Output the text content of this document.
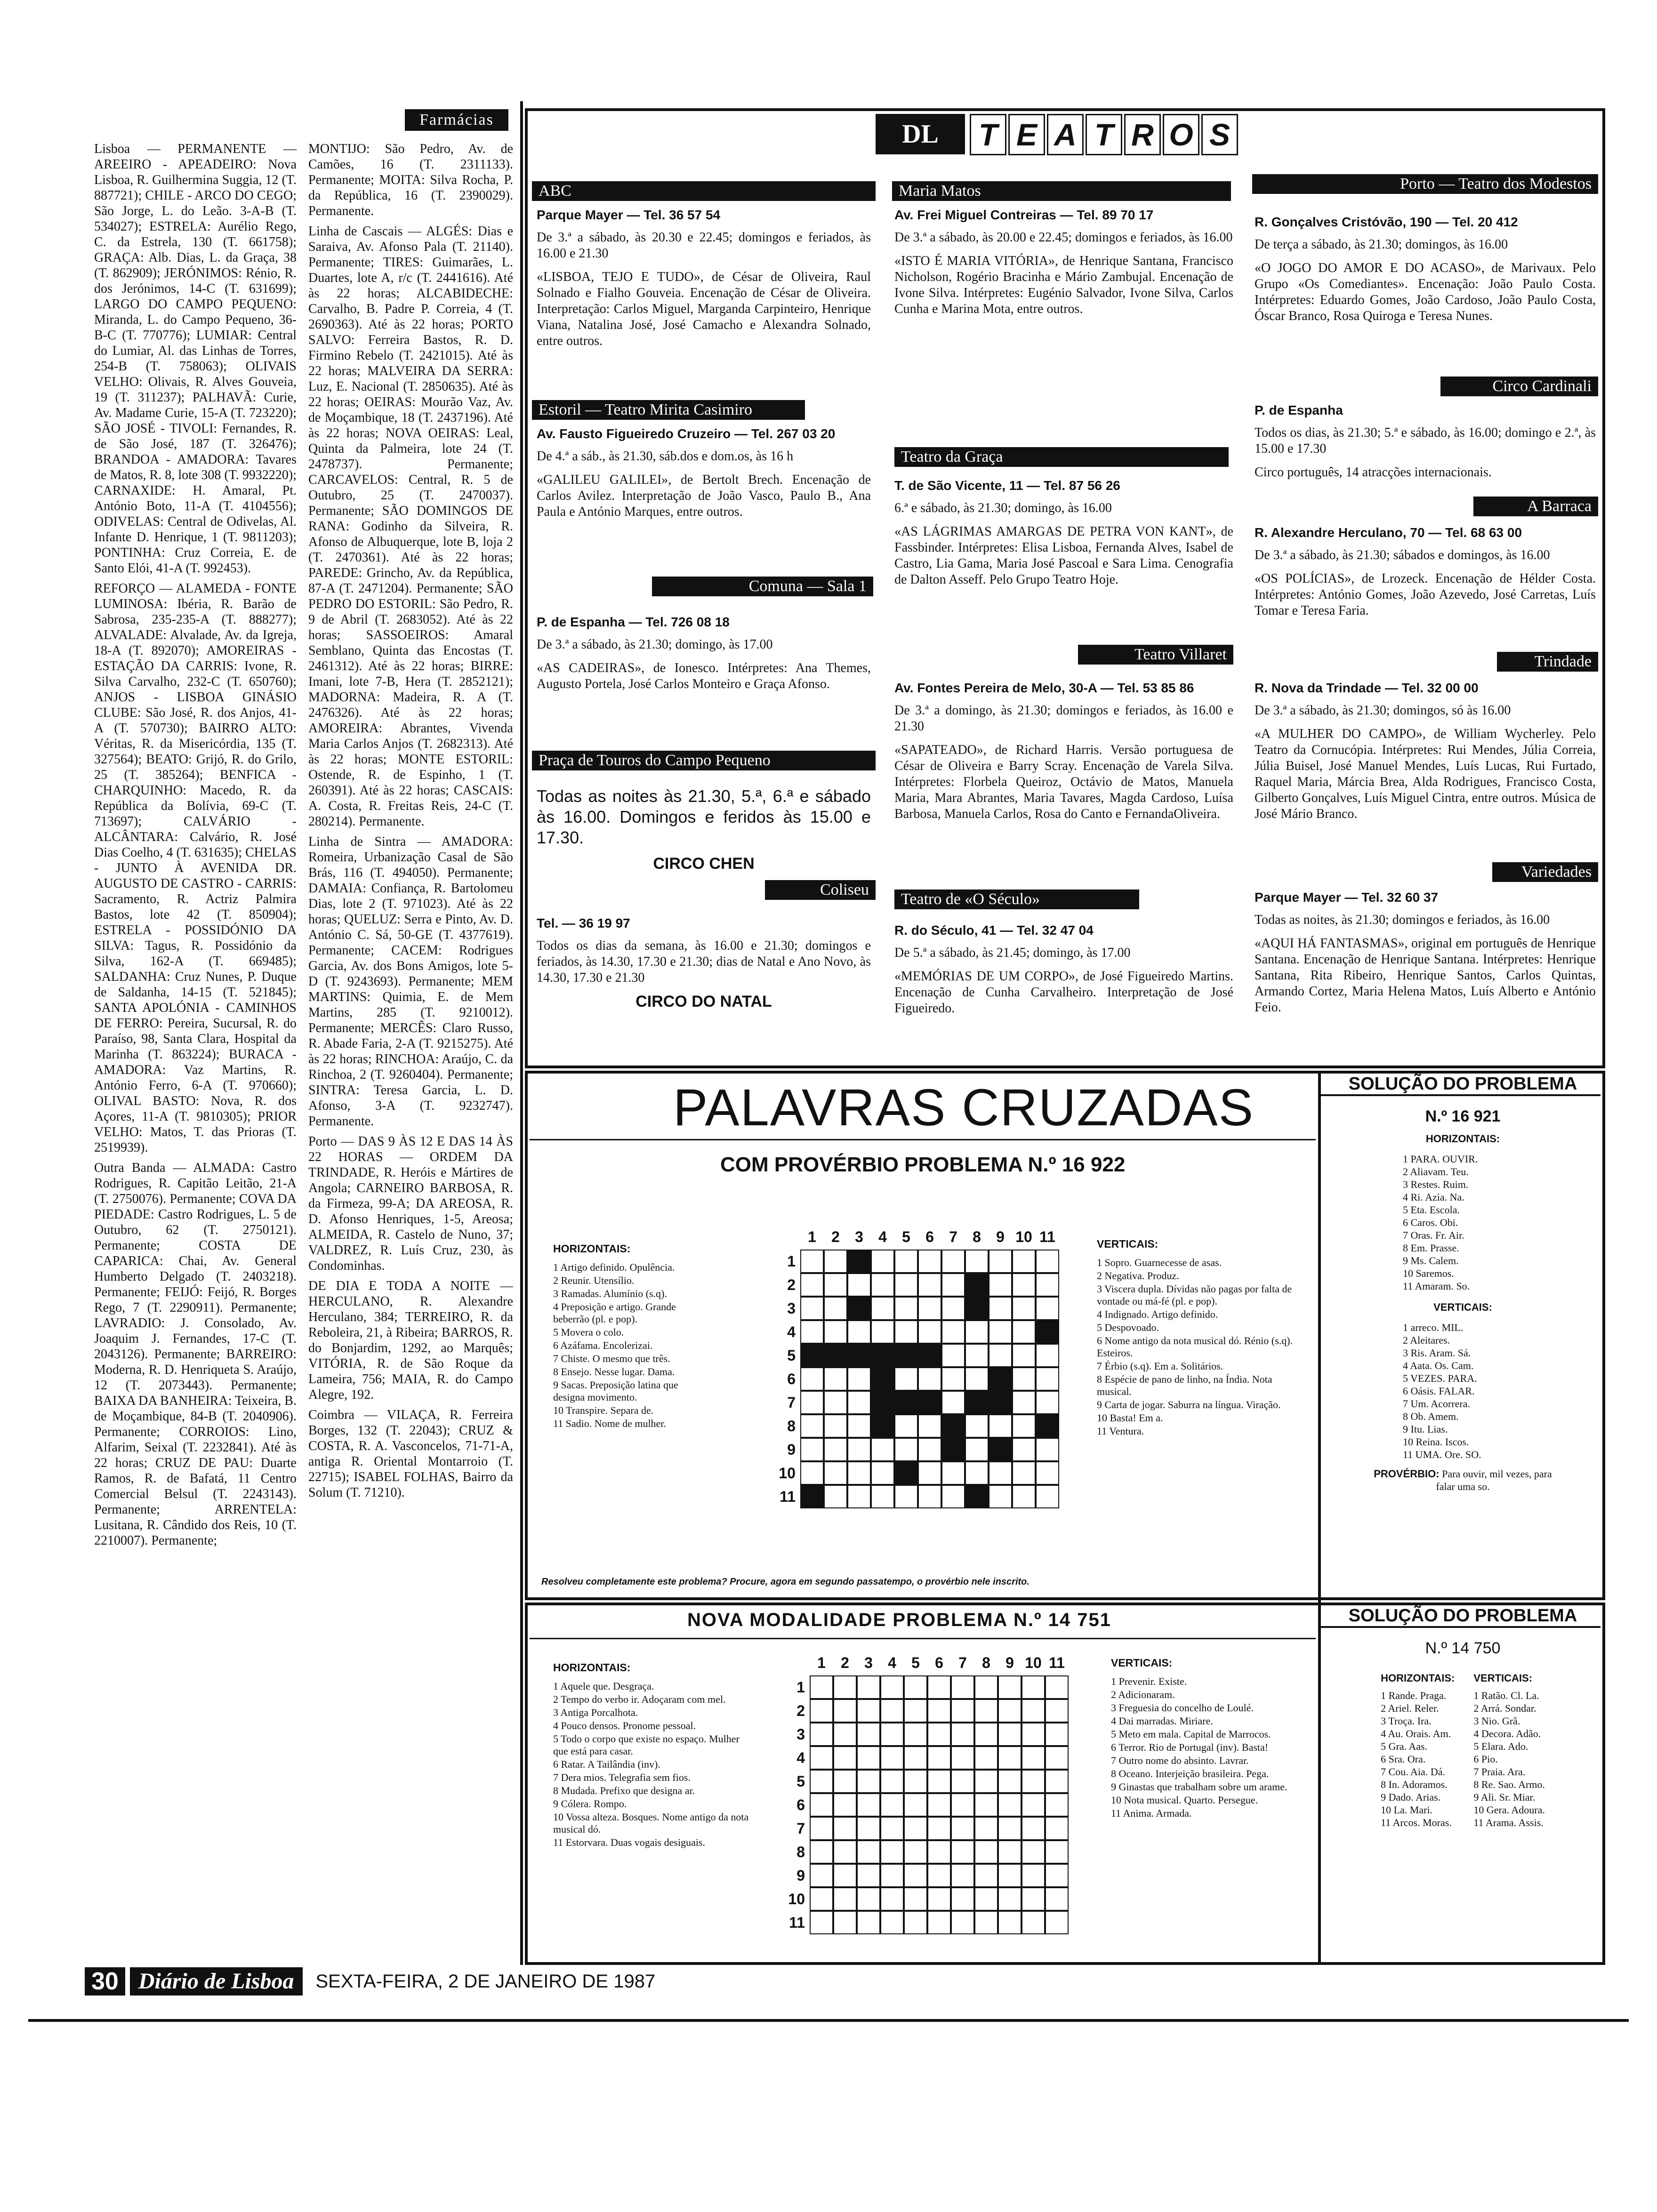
Farmácias

Lisboa — PERMANENTE — AREEIRO - APEADEIRO: Nova Lisboa, R. Guilhermina Suggia, 12 (T. 887721); CHILE - ARCO DO CEGO; São Jorge, L. do Leão. 3-A-B (T. 534027); ESTRELA: Aurélio Rego, C. da Estrela, 130 (T. 661758); GRAÇA: Alb. Dias, L. da Graça, 38 (T. 862909); JERÓNIMOS: Rénio, R. dos Jerónimos, 14-C (T. 631699); LARGO DO CAMPO PEQUENO: Miranda, L. do Campo Pequeno, 36-B-C (T. 770776); LUMIAR: Central do Lumiar, Al. das Linhas de Torres, 254-B (T. 758063); OLIVAIS VELHO: Olivais, R. Alves Gouveia, 19 (T. 311237); PALHAVÃ: Curie, Av. Madame Curie, 15-A (T. 723220); SÃO JOSÉ - TIVOLI: Fernandes, R. de São José, 187 (T. 326476); BRANDOA - AMADORA: Tavares de Matos, R. 8, lote 308 (T. 9932220); CARNAXIDE: H. Amaral, Pt. António Boto, 11-A (T. 4104556); ODIVELAS: Central de Odivelas, Al. Infante D. Henrique, 1 (T. 9811203); PONTINHA: Cruz Correia, E. de Santo Elói, 41-A (T. 992453).

REFORÇO — ALAMEDA - FONTE LUMINOSA: Ibéria, R. Barão de Sabrosa, 235-235-A (T. 888277); ALVALADE: Alvalade, Av. da Igreja, 18-A (T. 892070); AMOREIRAS - ESTAÇÃO DA CARRIS: Ivone, R. Silva Carvalho, 232-C (T. 650760); ANJOS - LISBOA GINÁSIO CLUBE: São José, R. dos Anjos, 41-A (T. 570730); BAIRRO ALTO: Véritas, R. da Misericórdia, 135 (T. 327564); BEATO: Grijó, R. do Grilo, 25 (T. 385264); BENFICA - CHARQUINHO: Macedo, R. da República da Bolívia, 69-C (T. 713697); CALVÁRIO - ALCÂNTARA: Calvário, R. José Dias Coelho, 4 (T. 631635); CHELAS - JUNTO À AVENIDA DR. AUGUSTO DE CASTRO - CARRIS: Sacramento, R. Actriz Palmira Bastos, lote 42 (T. 850904); ESTRELA - POSSIDÓNIO DA SILVA: Tagus, R. Possidónio da Silva, 162-A (T. 669485); SALDANHA: Cruz Nunes, P. Duque de Saldanha, 14-15 (T. 521845); SANTA APOLÓNIA - CAMINHOS DE FERRO: Pereira, Sucursal, R. do Paraíso, 98, Santa Clara, Hospital da Marinha (T. 863224); BURACA - AMADORA: Vaz Martins, R. António Ferro, 6-A (T. 970660); OLIVAL BASTO: Nova, R. dos Açores, 11-A (T. 9810305); PRIOR VELHO: Matos, T. das Prioras (T. 2519939).

Outra Banda — ALMADA: Castro Rodrigues, R. Capitão Leitão, 21-A (T. 2750076). Permanente; COVA DA PIEDADE: Castro Rodrigues, L. 5 de Outubro, 62 (T. 2750121). Permanente; COSTA DE CAPARICA: Chai, Av. General Humberto Delgado (T. 2403218). Permanente; FEIJÓ: Feijó, R. Borges Rego, 7 (T. 2290911). Permanente; LAVRADIO: J. Consolado, Av. Joaquim J. Fernandes, 17-C (T. 2043126). Permanente; BARREIRO: Moderna, R. D. Henriqueta S. Araújo, 12 (T. 2073443). Permanente; BAIXA DA BANHEIRA: Teixeira, B. de Moçambique, 84-B (T. 2040906). Permanente; CORROIOS: Lino, Alfarim, Seixal (T. 2232841). Até às 22 horas; CRUZ DE PAU: Duarte Ramos, R. de Bafatá, 11 Centro Comercial Belsul (T. 2243143). Permanente; ARRENTELA: Lusitana, R. Cândido dos Reis, 10 (T. 2210007). Permanente;

MONTIJO: São Pedro, Av. de Camões, 16 (T. 2311133). Permanente; MOITA: Silva Rocha, P. da República, 16 (T. 2390029). Permanente.

Linha de Cascais — ALGÉS: Dias e Saraiva, Av. Afonso Pala (T. 21140). Permanente; TIRES: Guimarães, L. Duartes, lote A, r/c (T. 2441616). Até às 22 horas; ALCABIDECHE: Carvalho, B. Padre P. Correia, 4 (T. 2690363). Até às 22 horas; PORTO SALVO: Ferreira Bastos, R. D. Firmino Rebelo (T. 2421015). Até às 22 horas; MALVEIRA DA SERRA: Luz, E. Nacional (T. 2850635). Até às 22 horas; OEIRAS: Mourão Vaz, Av. de Moçambique, 18 (T. 2437196). Até às 22 horas; NOVA OEIRAS: Leal, Quinta da Palmeira, lote 24 (T. 2478737). Permanente; CARCAVELOS: Central, R. 5 de Outubro, 25 (T. 2470037). Permanente; SÃO DOMINGOS DE RANA: Godinho da Silveira, R. Afonso de Albuquerque, lote B, loja 2 (T. 2470361). Até às 22 horas; PAREDE: Grincho, Av. da República, 87-A (T. 2471204). Permanente; SÃO PEDRO DO ESTORIL: São Pedro, R. 9 de Abril (T. 2683052). Até às 22 horas; SASSOEIROS: Amaral Semblano, Quinta das Encostas (T. 2461312). Até às 22 horas; BIRRE: Imani, lote 7-B, Hera (T. 2852121); MADORNA: Madeira, R. A (T. 2476326). Até às 22 horas; AMOREIRA: Abrantes, Vivenda Maria Carlos Anjos (T. 2682313). Até às 22 horas; MONTE ESTORIL: Ostende, R. de Espinho, 1 (T. 260391). Até às 22 horas; CASCAIS: A. Costa, R. Freitas Reis, 24-C (T. 280214). Permanente.

Linha de Sintra — AMADORA: Romeira, Urbanização Casal de São Brás, 116 (T. 494050). Permanente; DAMAIA: Confiança, R. Bartolomeu Dias, lote 2 (T. 971023). Até às 22 horas; QUELUZ: Serra e Pinto, Av. D. António C. Sá, 50-GE (T. 4377619). Permanente; CACEM: Rodrigues Garcia, Av. dos Bons Amigos, lote 5-D (T. 9243693). Permanente; MEM MARTINS: Quimia, E. de Mem Martins, 285 (T. 9210012). Permanente; MERCÊS: Claro Russo, R. Abade Faria, 2-A (T. 9215275). Até às 22 horas; RINCHOA: Araújo, C. da Rinchoa, 2 (T. 9260404). Permanente; SINTRA: Teresa Garcia, L. D. Afonso, 3-A (T. 9232747). Permanente.

Porto — DAS 9 ÀS 12 E DAS 14 ÀS 22 HORAS — ORDEM DA TRINDADE, R. Heróis e Mártires de Angola; CARNEIRO BARBOSA, R. da Firmeza, 99-A; DA AREOSA, R. D. Afonso Henriques, 1-5, Areosa; ALMEIDA, R. Castelo de Nuno, 37; VALDREZ, R. Luís Cruz, 230, às Condominhas.

DE DIA E TODA A NOITE — HERCULANO, R. Alexandre Herculano, 384; TERREIRO, R. da Reboleira, 21, à Ribeira; BARROS, R. do Bonjardim, 1292, ao Marquês; VITÓRIA, R. de São Roque da Lameira, 756; MAIA, R. do Campo Alegre, 192.

Coimbra — VILAÇA, R. Ferreira Borges, 132 (T. 22043); CRUZ & COSTA, R. A. Vasconcelos, 71-71-A, antiga R. Oriental Montarroio (T. 22715); ISABEL FOLHAS, Bairro da Solum (T. 71210).

DL	T E A T R O S
ABC
Parque Mayer — Tel. 36 57 54

De 3.ª a sábado, às 20.30 e 22.45; domingos e feriados, às 16.00 e 21.30

«LISBOA, TEJO E TUDO», de César de Oliveira, Raul Solnado e Fialho Gouveia. Encenação de César de Oliveira. Interpretação: Carlos Miguel, Marganda Carpinteiro, Henrique Viana, Natalina José, José Camacho e Alexandra Solnado, entre outros.

Estoril — Teatro Mirita Casimiro
Av. Fausto Figueiredo Cruzeiro — Tel. 267 03 20

De 4.ª a sáb., às 21.30, sáb.dos e dom.os, às 16 h

«GALILEU GALILEI», de Bertolt Brech. Encenação de Carlos Avilez. Interpretação de João Vasco, Paulo B., Ana Paula e António Marques, entre outros.

Comuna — Sala 1
P. de Espanha — Tel. 726 08 18

De 3.ª a sábado, às 21.30; domingo, às 17.00

«AS CADEIRAS», de Ionesco. Intérpretes: Ana Themes, Augusto Portela, José Carlos Monteiro e Graça Afonso.

Praça de Touros do Campo Pequeno

Todas as noites às 21.30, 5.ª, 6.ª e sábado às 16.00. Domingos e feridos às 15.00 e 17.30.

CIRCO CHEN

Coliseu
Tel. — 36 19 97

Todos os dias da semana, às 16.00 e 21.30; domingos e feriados, às 14.30, 17.30 e 21.30; dias de Natal e Ano Novo, às 14.30, 17.30 e 21.30

CIRCO DO NATAL

Maria Matos
Av. Frei Miguel Contreiras — Tel. 89 70 17

De 3.ª a sábado, às 20.00 e 22.45; domingos e feriados, às 16.00

«ISTO É MARIA VITÓRIA», de Henrique Santana, Francisco Nicholson, Rogério Bracinha e Mário Zambujal. Encenação de Ivone Silva. Intérpretes: Eugénio Salvador, Ivone Silva, Carlos Cunha e Marina Mota, entre outros.

Teatro da Graça
T. de São Vicente, 11 — Tel. 87 56 26

6.ª e sábado, às 21.30; domingo, às 16.00

«AS LÁGRIMAS AMARGAS DE PETRA VON KANT», de Fassbinder. Intérpretes: Elisa Lisboa, Fernanda Alves, Isabel de Castro, Lia Gama, Maria José Pascoal e Sara Lima. Cenografia de Dalton Asseff. Pelo Grupo Teatro Hoje.

Teatro Villaret
Av. Fontes Pereira de Melo, 30-A — Tel. 53 85 86

De 3.ª a domingo, às 21.30; domingos e feriados, às 16.00 e 21.30

«SAPATEADO», de Richard Harris. Versão portuguesa de César de Oliveira e Barry Scray. Encenação de Varela Silva. Intérpretes: Florbela Queiroz, Octávio de Matos, Manuela Maria, Mara Abrantes, Maria Tavares, Magda Cardoso, Luísa Barbosa, Manuela Carlos, Rosa do Canto e FernandaOliveira.

Teatro de «O Século»
R. do Século, 41 — Tel. 32 47 04

De 5.ª a sábado, às 21.45; domingo, às 17.00

«MEMÓRIAS DE UM CORPO», de José Figueiredo Martins. Encenação de Cunha Carvalheiro. Interpretação de José Figueiredo.

Porto — Teatro dos Modestos
R. Gonçalves Cristóvão, 190 — Tel. 20 412

De terça a sábado, às 21.30; domingos, às 16.00

«O JOGO DO AMOR E DO ACASO», de Marivaux. Pelo Grupo «Os Comediantes». Encenação: João Paulo Costa. Intérpretes: Eduardo Gomes, João Cardoso, João Paulo Costa, Óscar Branco, Rosa Quiroga e Teresa Nunes.

Circo Cardinali
P. de Espanha

Todos os dias, às 21.30; 5.ª e sábado, às 16.00; domingo e 2.ª, às 15.00 e 17.30

Circo português, 14 atracções internacionais.

A Barraca
R. Alexandre Herculano, 70 — Tel. 68 63 00

De 3.ª a sábado, às 21.30; sábados e domingos, às 16.00

«OS POLÍCIAS», de Lrozeck. Encenação de Hélder Costa. Intérpretes: António Gomes, João Azevedo, José Carretas, Luís Tomar e Teresa Faria.

Trindade
R. Nova da Trindade — Tel. 32 00 00

De 3.ª a sábado, às 21.30; domingos, só às 16.00

«A MULHER DO CAMPO», de William Wycherley. Pelo Teatro da Cornucópia. Intérpretes: Rui Mendes, Júlia Correia, Júlia Buisel, José Manuel Mendes, Luís Lucas, Rui Furtado, Raquel Maria, Márcia Brea, Alda Rodrigues, Francisco Costa, Gilberto Gonçalves, Luís Miguel Cintra, entre outros. Música de José Mário Branco.

Variedades
Parque Mayer — Tel. 32 60 37

Todas as noites, às 21.30; domingos e feriados, às 16.00

«AQUI HÁ FANTASMAS», original em português de Henrique Santana. Encenação de Henrique Santana. Intérpretes: Henrique Santana, Rita Ribeiro, Henrique Santos, Carlos Quintas, Armando Cortez, Maria Helena Matos, Luís Alberto e António Feio.

PALAVRAS CRUZADAS
COM PROVÉRBIO PROBLEMA N.º 16 922
HORIZONTAIS:
1 Artigo definido. Opulência.
2 Reunir. Utensílio.
3 Ramadas. Alumínio (s.q).
4 Preposição e artigo. Grande beberrão (pl. e pop).
5 Movera o colo.
6 Azáfama. Encolerizai.
7 Chiste. O mesmo que três.
8 Ensejo. Nesse lugar. Dama.
9 Sacas. Preposição latina que designa movimento.
10 Transpire. Separa de.
11 Sadio. Nome de mulher.
VERTICAIS:
1 Sopro. Guarnecesse de asas.
2 Negativa. Produz.
3 Viscera dupla. Dívidas não pagas por falta de vontade ou má-fé (pl. e pop).
4 Indignado. Artigo definido.
5 Despovoado.
6 Nome antigo da nota musical dó. Rénio (s.q). Esteiros.
7 Érbio (s.q). Em a. Solitários.
8 Espécie de pano de linho, na Índia. Nota musical.
9 Carta de jogar. Saburra na língua. Viração.
10 Basta! Em a.
11 Ventura.
1	2	3	4	5	6	7	8	9 10 11
1
2
3
4
5
6
7
8
9
10
11
Resolveu completamente este problema? Procure, agora em segundo passatempo, o provérbio nele inscrito.
SOLUÇÃO DO PROBLEMA
N.º 16 921
HORIZONTAIS:
1 PARA. OUVIR.
2 Aliavam. Teu.
3 Restes. Ruim.
4 Ri. Azia. Na.
5 Eta. Escola.
6 Caros. Obi.
7 Oras. Fr. Air.
8 Em. Prasse.
9 Ms. Calem.
10 Saremos.
11 Amaram. So.
VERTICAIS:
1 arreco. MIL.
2 Aleitares.
3 Ris. Aram. Sá.
4 Aata. Os. Cam.
5 VEZES. PARA.
6 Oásis. FALAR.
7 Um. Acorrera.
8 Ob. Amem.
9 Itu. Lias.
10 Reina. Iscos.
11 UMA. Ore. SO.
PROVÉRBIO: Para ouvir, mil vezes, para falar uma so.
NOVA MODALIDADE PROBLEMA N.º 14 751
HORIZONTAIS:
1 Aquele que. Desgraça.
2 Tempo do verbo ir. Adoçaram com mel.
3 Antiga Porcalhota.
4 Pouco densos. Pronome pessoal.
5 Todo o corpo que existe no espaço. Mulher que está para casar.
6 Ratar. A Tailândia (inv).
7 Dera mios. Telegrafia sem fios.
8 Mudada. Prefixo que designa ar.
9 Cólera. Rompo.
10 Vossa alteza. Bosques. Nome antigo da nota musical dó.
11 Estorvara. Duas vogais desiguais.
VERTICAIS:
1 Prevenir. Existe.
2 Adicionaram.
3 Freguesia do concelho de Loulé.
4 Dai marradas. Miriare.
5 Meto em mala. Capital de Marrocos.
6 Terror. Rio de Portugal (inv). Basta!
7 Outro nome do absinto. Lavrar.
8 Oceano. Interjeição brasileira. Pega.
9 Ginastas que trabalham sobre um arame.
10 Nota musical. Quarto. Persegue.
11 Anima. Armada.
1	2	3	4	5	6	7	8	9 10 11
1
2
3
4
5
6
7
8
9
10
11
SOLUÇÃO DO PROBLEMA
N.º 14 750
HORIZONTAIS:
1 Rande. Praga.
2 Ariel. Reler.
3 Troça. Ira.
4 Au. Orais. Am.
5 Gra. Aas.
6 Sra. Ora.
7 Cou. Aia. Dá.
8 In. Adoramos.
9 Dado. Arias.
10 La. Mari.
11 Arcos. Moras.
VERTICAIS:
1 Ratão. Cl. La.
2 Arrá. Sondar.
3 Nio. Grã.
4 Decora. Adão.
5 Elara. Ado.
6 Pio.
7 Praia. Ara.
8 Re. Sao. Armo.
9 Ali. Sr. Miar.
10 Gera. Adoura.
11 Arama. Assis.
30 Diário de Lisboa SEXTA-FEIRA, 2 DE JANEIRO DE 1987
